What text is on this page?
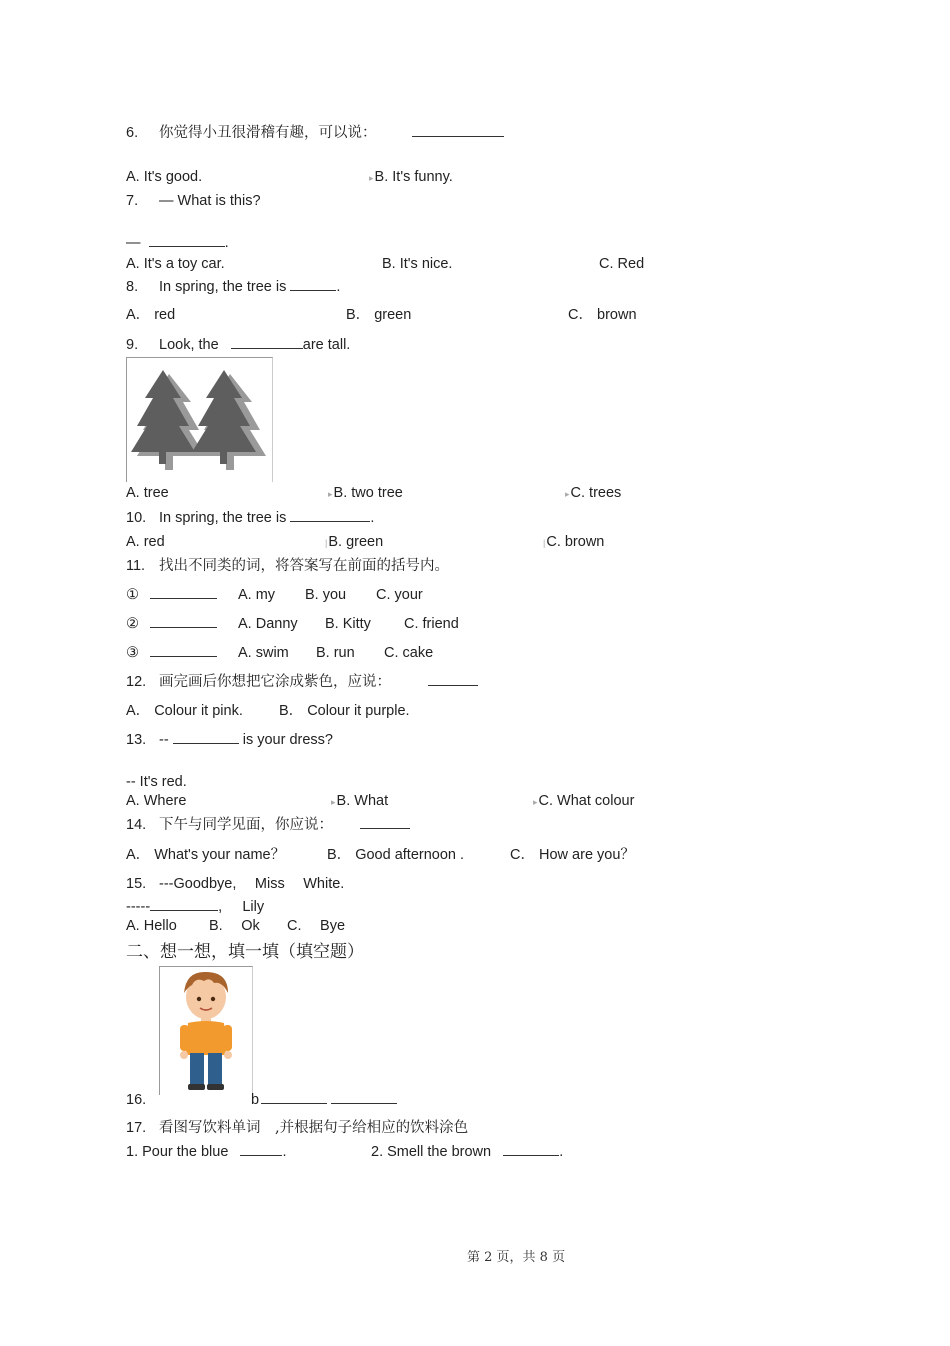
6. 你觉得小丑很滑稽有趣，可以说：
A. It's good.	▸B. It's funny.
7. — What is this?
—	.
A. It's a toy car.	B. It's nice.	C. Red
8. In spring, the tree is	.
A． red	B． green	C． brown
9. Look, the	are tall.
A. tree	▸B. two tree	▸C. trees
10. In spring, the tree is	.
A. red	|B. green	|C. brown
11. 找出不同类的词，将答案写在前面的括号内。
①	A. my B. you C. your
②	A. Danny B. Kitty C. friend
③	A. swim B. run C. cake
12. 画完画后你想把它涂成紫色，应说：
A． Colour it pink. B． Colour it purple.
13. --	is your dress?
-- It's red.
A. Where	▸B. What	▸C. What colour
14. 下午与同学见面，你应说：
A． What's your name？	B． Good afternoon .	C． How are you？
15. ---Goodbye,　 Miss　 White.
-----	,     Lily
A. Hello B.　 Ok C.　 Bye
二、想一想，填一填（填空题）
16.	b
17. 看图写饮料单词　,并根据句子给相应的饮料涂色
1. Pour the blue	.	2. Smell the brown	.
第 2 页，共 8 页
